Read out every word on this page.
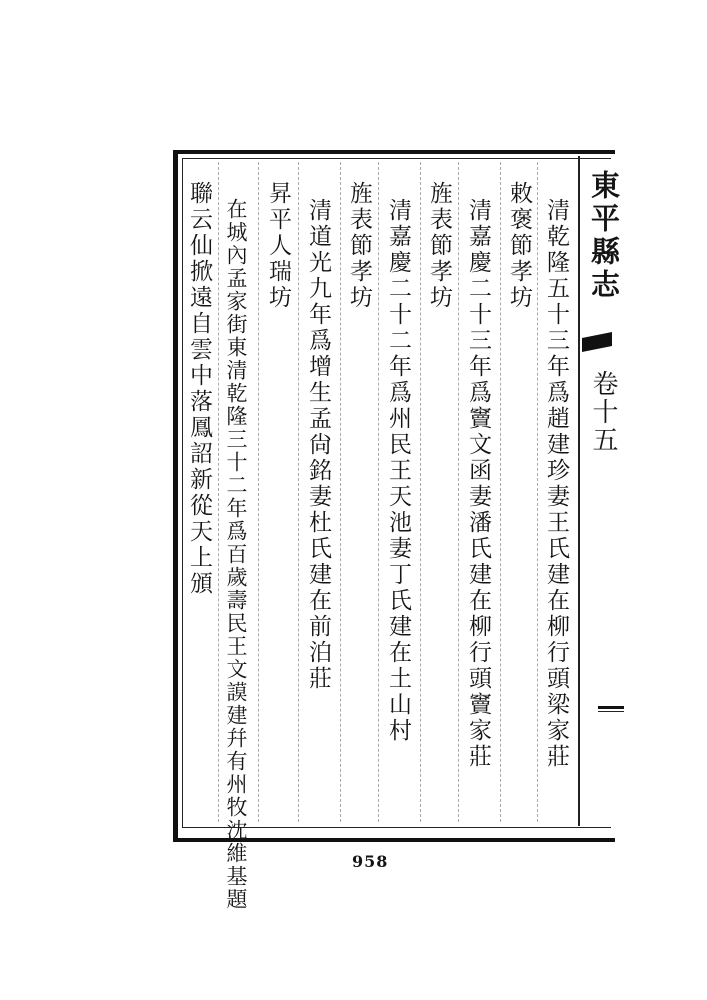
清乾隆五十三年爲趙建珍妻王氏建在柳行頭梁家莊
敕褒節孝坊
清嘉慶二十三年爲竇文函妻潘氏建在柳行頭竇家莊
旌表節孝坊
清嘉慶二十二年爲州民王天池妻丁氏建在土山村
旌表節孝坊
清道光九年爲增生孟尙銘妻杜氏建在前泊莊
昇平人瑞坊
在城內孟家街東清乾隆三十二年爲百歲壽民王文謨建幷有州牧沈維基題
聯云仙掀遠自雲中落鳳詔新從天上頒	東平縣志
卷十五
958
